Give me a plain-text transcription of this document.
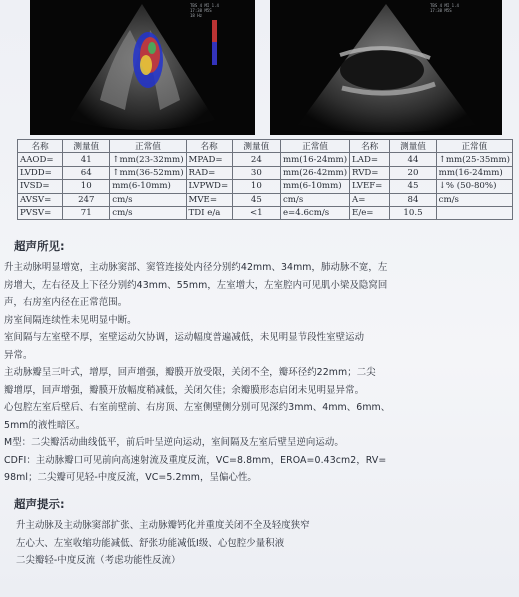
TBS 4 MI 1.4
17:38 M5S
18 Hz
TBS 4 MI 1.4
17:38 M5S
名称	测量值	正常值	名称	测量值	正常值	名称	测量值	正常值
AAOD=	41	↑mm(23-32mm)	MPAD=	24	mm(16-24mm)	LAD=	44	↑mm(25-35mm)
LVDD=	64	↑mm(36-52mm)	RAD=	30	mm(26-42mm)	RVD=	20	mm(16-24mm)
IVSD=	10	mm(6-10mm)	LVPWD=	10	mm(6-10mm)	LVEF=	45	↓% (50-80%)
AVSV=	247	cm/s	MVE=	45	cm/s	A=	84	cm/s
PVSV=	71	cm/s	TDI e/a	<1	e=4.6cm/s	E/e=	10.5	
超声所见:
升主动脉明显增宽，主动脉窦部、窦管连接处内径分别约42mm、34mm，肺动脉不宽，左
房增大，左右径及上下径分别约43mm、55mm，左室增大，左室腔内可见肌小梁及隐窝回
声，右房室内径在正常范围。
房室间隔连续性未见明显中断。
室间隔与左室壁不厚，室壁运动欠协调，运动幅度普遍减低，未见明显节段性室壁运动
异常。
主动脉瓣呈三叶式，增厚，回声增强，瓣膜开放受限，关闭不全，瓣环径约22mm；二尖
瓣增厚，回声增强，瓣膜开放幅度稍减低，关闭欠佳；余瓣膜形态启闭未见明显异常。
心包腔左室后壁后、右室前壁前、右房顶、左室侧壁侧分别可见深约3mm、4mm、6mm、
5mm的液性暗区。
M型：二尖瓣活动曲线低平，前后叶呈逆向运动，室间隔及左室后壁呈逆向运动。
CDFI：主动脉瓣口可见前向高速射流及重度反流，VC=8.8mm，EROA=0.43cm2，RV=
98ml；二尖瓣可见轻-中度反流，VC=5.2mm，呈偏心性。
超声提示:
升主动脉及主动脉窦部扩张、主动脉瓣钙化并重度关闭不全及轻度狭窄
左心大、左室收缩功能减低、舒张功能减低Ⅰ级、心包腔少量积液
二尖瓣轻-中度反流（考虑功能性反流）
